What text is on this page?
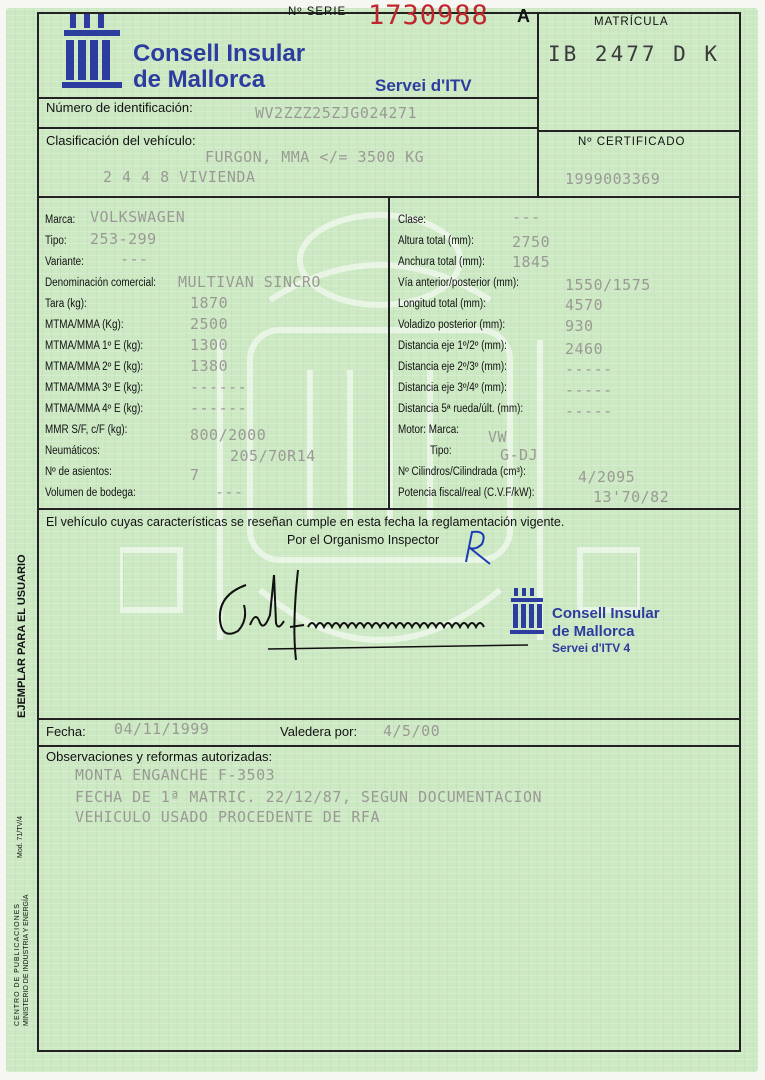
Nº SERIE 1730988 A
Consell Insular
de Mallorca	Servei d'ITV
MATRÍCULA
IB 2477 D K
Número de identificación:	WV2ZZZ25ZJG024271
Clasificación del vehículo:
FURGON, MMA </= 3500 KG
2 4 4 8 VIVIENDA
Nº CERTIFICADO
1999003369
Marca: VOLKSWAGEN
Tipo: 253-299
Variante: ---
Denominación comercial: MULTIVAN SINCRO
Tara (kg):	1870
MTMA/MMA (Kg):	2500
MTMA/MMA 1º E (kg):	1300
MTMA/MMA 2º E (kg):	1380
MTMA/MMA 3º E (kg):	------
MTMA/MMA 4º E (kg):	------
MMR S/F, c/F (kg):	800/2000
Neumáticos:	205/70R14
Nº de asientos:	7
Volumen de bodega:	---
Clase:	---
Altura total (mm):	2750
Anchura total (mm): 1845
Vía anterior/posterior (mm):	1550/1575
Longitud total (mm):	4570
Voladizo posterior (mm):	930
Distancia eje 1º/2º (mm):	2460
Distancia eje 2º/3º (mm):	-----
Distancia eje 3º/4º (mm):	-----
Distancia 5ª rueda/últ. (mm):	-----
Motor: Marca: VW
Tipo:	G-DJ
Nº Cilindros/Cilindrada (cm³):	4/2095
Potencia fiscal/real (C.V.F/kW):	13'70/82
El vehículo cuyas características se reseñan cumple en esta fecha la reglamentación vigente.
Por el Organismo Inspector
Consell Insular
de Mallorca
Servei d'ITV 4
Fecha: 04/11/1999	Valedera por: 4/5/00
Observaciones y reformas autorizadas:
MONTA ENGANCHE F-3503
FECHA DE 1ª MATRIC. 22/12/87, SEGUN DOCUMENTACION
VEHICULO USADO PROCEDENTE DE RFA
EJEMPLAR PARA EL USUARIO
Mod. 71/TV/4
CENTRO DE PUBLICACIONES MINISTERIO DE INDUSTRIA Y ENERGÍA
